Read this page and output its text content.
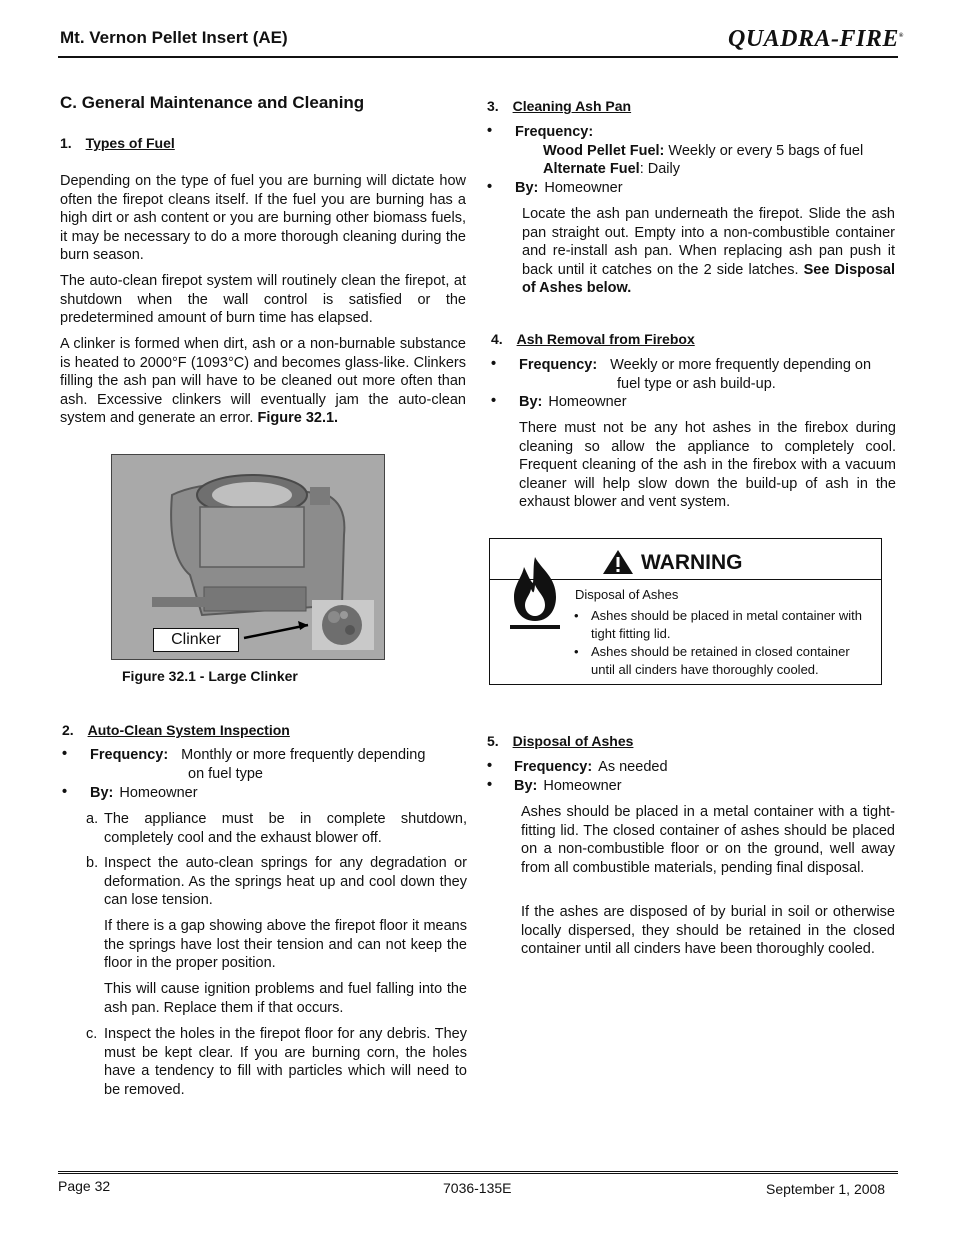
Mt. Vernon Pellet Insert (AE)	QUADRA-FIRE®
C. General Maintenance and Cleaning
1. Types of Fuel

Depending on the type of fuel you are burning will dictate how often the firepot cleans itself. If the fuel you are burning has a high dirt or ash content or you are burning other biomass fuels, it may be necessary to do a more thorough cleaning during the burn season.

The auto-clean firepot system will routinely clean the firepot, at shutdown when the wall control is satisfied or the predetermined amount of burn time has elapsed.

A clinker is formed when dirt, ash or a non-burnable substance is heated to 2000°F (1093°C) and becomes glass-like. Clinkers filling the ash pan will have to be cleaned out more often than ash. Excessive clinkers will eventually jam the auto-clean system and generate an error. Figure 32.1.

Clinker
Figure 32.1 - Large Clinker
2. Auto-Clean System Inspection
• Frequency: Monthly or more frequently depending
on fuel type
• By: Homeowner
a. The appliance must be in complete shutdown, completely cool and the exhaust blower off.

b. Inspect the auto-clean springs for any degradation or deformation. As the springs heat up and cool down they can lose tension.

If there is a gap showing above the firepot floor it means the springs have lost their tension and can not keep the floor in the proper position.

This will cause ignition problems and fuel falling into the ash pan. Replace them if that occurs.

c. Inspect the holes in the firepot floor for any debris. They must be kept clear. If you are burning corn, the holes have a tendency to fill with particles which will need to be removed.

3. Cleaning Ash Pan
• Frequency:
Wood Pellet Fuel: Weekly or every 5 bags of fuel
Alternate Fuel: Daily
• By: Homeowner

Locate the ash pan underneath the firepot. Slide the ash pan straight out. Empty into a non-combustible container and re-install ash pan. When replacing ash pan push it back until it catches on the 2 side latches. See Disposal of Ashes below.

4. Ash Removal from Firebox
• Frequency: Weekly or more frequently depending on
fuel type or ash build-up.
• By: Homeowner

There must not be any hot ashes in the firebox during cleaning so allow the appliance to completely cool. Frequent cleaning of the ash in the firebox with a vacuum cleaner will help slow down the build-up of ash in the exhaust blower and vent system.

WARNING
Disposal of Ashes
• Ashes should be placed in metal container with tight fitting lid.
• Ashes should be retained in closed container until all cinders have thoroughly cooled.
5. Disposal of Ashes
• Frequency: As needed
• By: Homeowner

Ashes should be placed in a metal container with a tight-fitting lid. The closed container of ashes should be placed on a non-combustible floor or on the ground, well away from all combustible materials, pending final disposal.

If the ashes are disposed of by burial in soil or otherwise locally dispersed, they should be retained in the closed container until all cinders have been thoroughly cooled.

Page 32	7036-135E	September 1, 2008
